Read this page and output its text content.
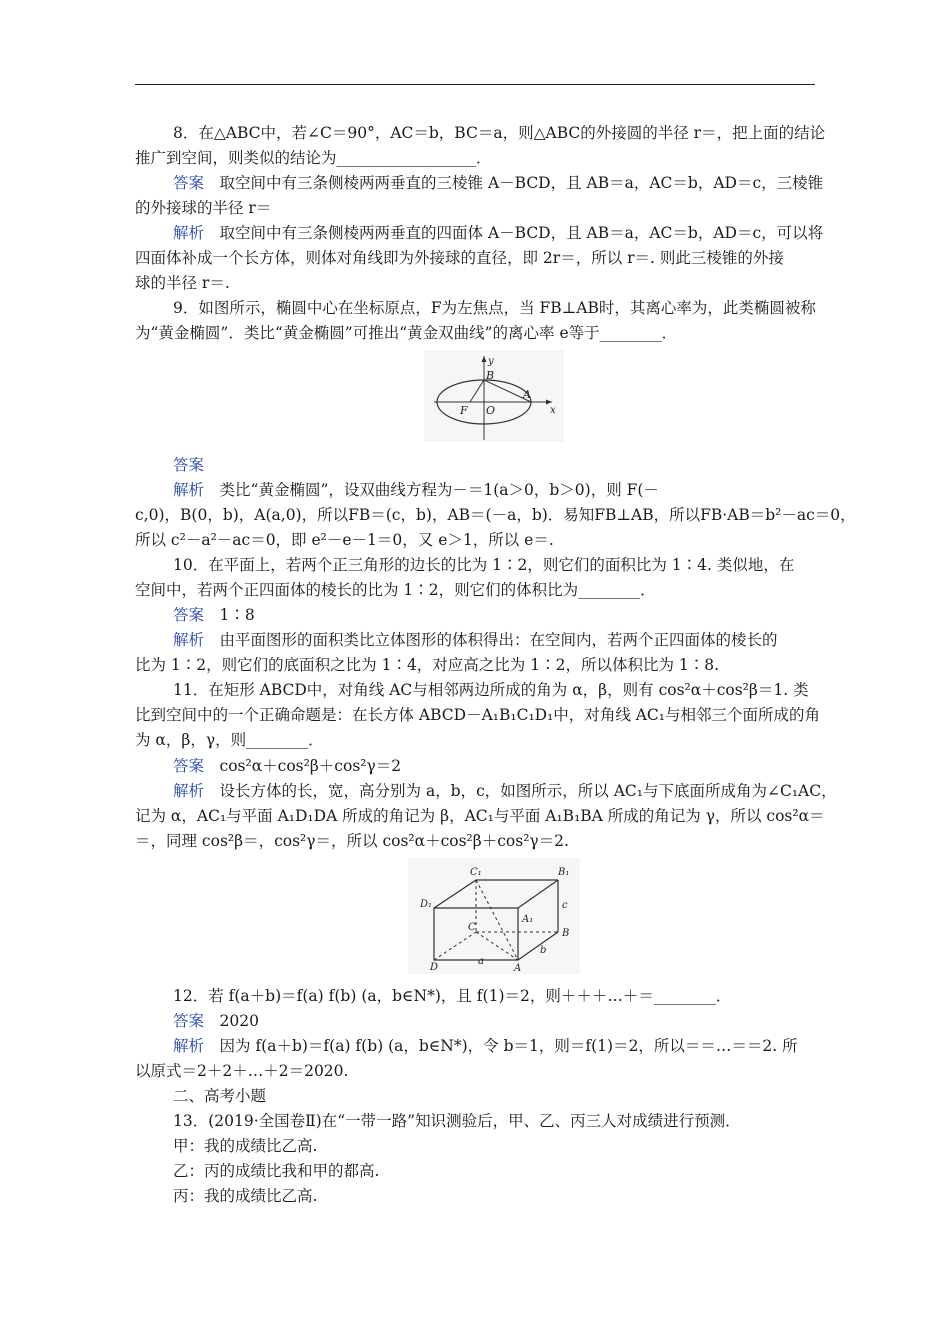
8．在△ABC中，若∠C＝90°，AC＝b，BC＝a，则△ABC的外接圆的半径 r＝，把上面的结论
推广到空间，则类似的结论为__________________．
答案　取空间中有三条侧棱两两垂直的三棱锥 A－BCD，且 AB＝a，AC＝b，AD＝c，三棱锥
的外接球的半径 r＝
解析　取空间中有三条侧棱两两垂直的四面体 A－BCD，且 AB＝a，AC＝b，AD＝c，可以将
四面体补成一个长方体，则体对角线即为外接球的直径，即 2r＝，所以 r＝. 则此三棱锥的外接
球的半径 r＝.
9．如图所示，椭圆中心在坐标原点，F为左焦点，当 FB⊥AB时，其离心率为，此类椭圆被称
为“黄金椭圆”．类比“黄金椭圆”可推出“黄金双曲线”的离心率 e等于________．
y
x
B
A
F O
答案
解析　类比“黄金椭圆”，设双曲线方程为－＝1(a＞0，b＞0)，则 F(－
c,0)，B(0，b)，A(a,0)，所以FB＝(c，b)，AB＝(－a，b)．易知FB⊥AB，所以FB·AB＝b²－ac＝0，
所以 c²－a²－ac＝0，即 e²－e－1＝0，又 e＞1，所以 e＝.
10．在平面上，若两个正三角形的边长的比为 1∶2，则它们的面积比为 1∶4. 类似地，在
空间中，若两个正四面体的棱长的比为 1∶2，则它们的体积比为________．
答案　1∶8
解析　由平面图形的面积类比立体图形的体积得出：在空间内，若两个正四面体的棱长的
比为 1∶2，则它们的底面积之比为 1∶4，对应高之比为 1∶2，所以体积比为 1∶8.
11．在矩形 ABCD中，对角线 AC与相邻两边所成的角为 α，β，则有 cos²α＋cos²β＝1. 类
比到空间中的一个正确命题是：在长方体 ABCD－A₁B₁C₁D₁中，对角线 AC₁与相邻三个面所成的角
为 α，β，γ，则________．
答案　cos²α＋cos²β＋cos²γ＝2
解析　设长方体的长，宽，高分别为 a，b，c，如图所示，所以 AC₁与下底面所成角为∠C₁AC，
记为 α，AC₁与平面 A₁D₁DA 所成的角记为 β，AC₁与平面 A₁B₁BA 所成的角记为 γ，所以 cos²α＝
＝，同理 cos²β＝，cos²γ＝，所以 cos²α＋cos²β＋cos²γ＝2.
C₁	B₁
D₁
A₁
C
B
D	A
a
b
c
12．若 f(a＋b)＝f(a) f(b) (a，b∈N*)，且 f(1)＝2，则＋＋＋…＋＝________．
答案　2020
解析　因为 f(a＋b)＝f(a) f(b) (a，b∈N*)，令 b＝1，则＝f(1)＝2，所以＝＝…＝＝2. 所
以原式＝2＋2＋…＋2＝2020.
二、高考小题
13．(2019·全国卷Ⅱ)在“一带一路”知识测验后，甲、乙、丙三人对成绩进行预测．
甲：我的成绩比乙高.
乙：丙的成绩比我和甲的都高.
丙：我的成绩比乙高.
